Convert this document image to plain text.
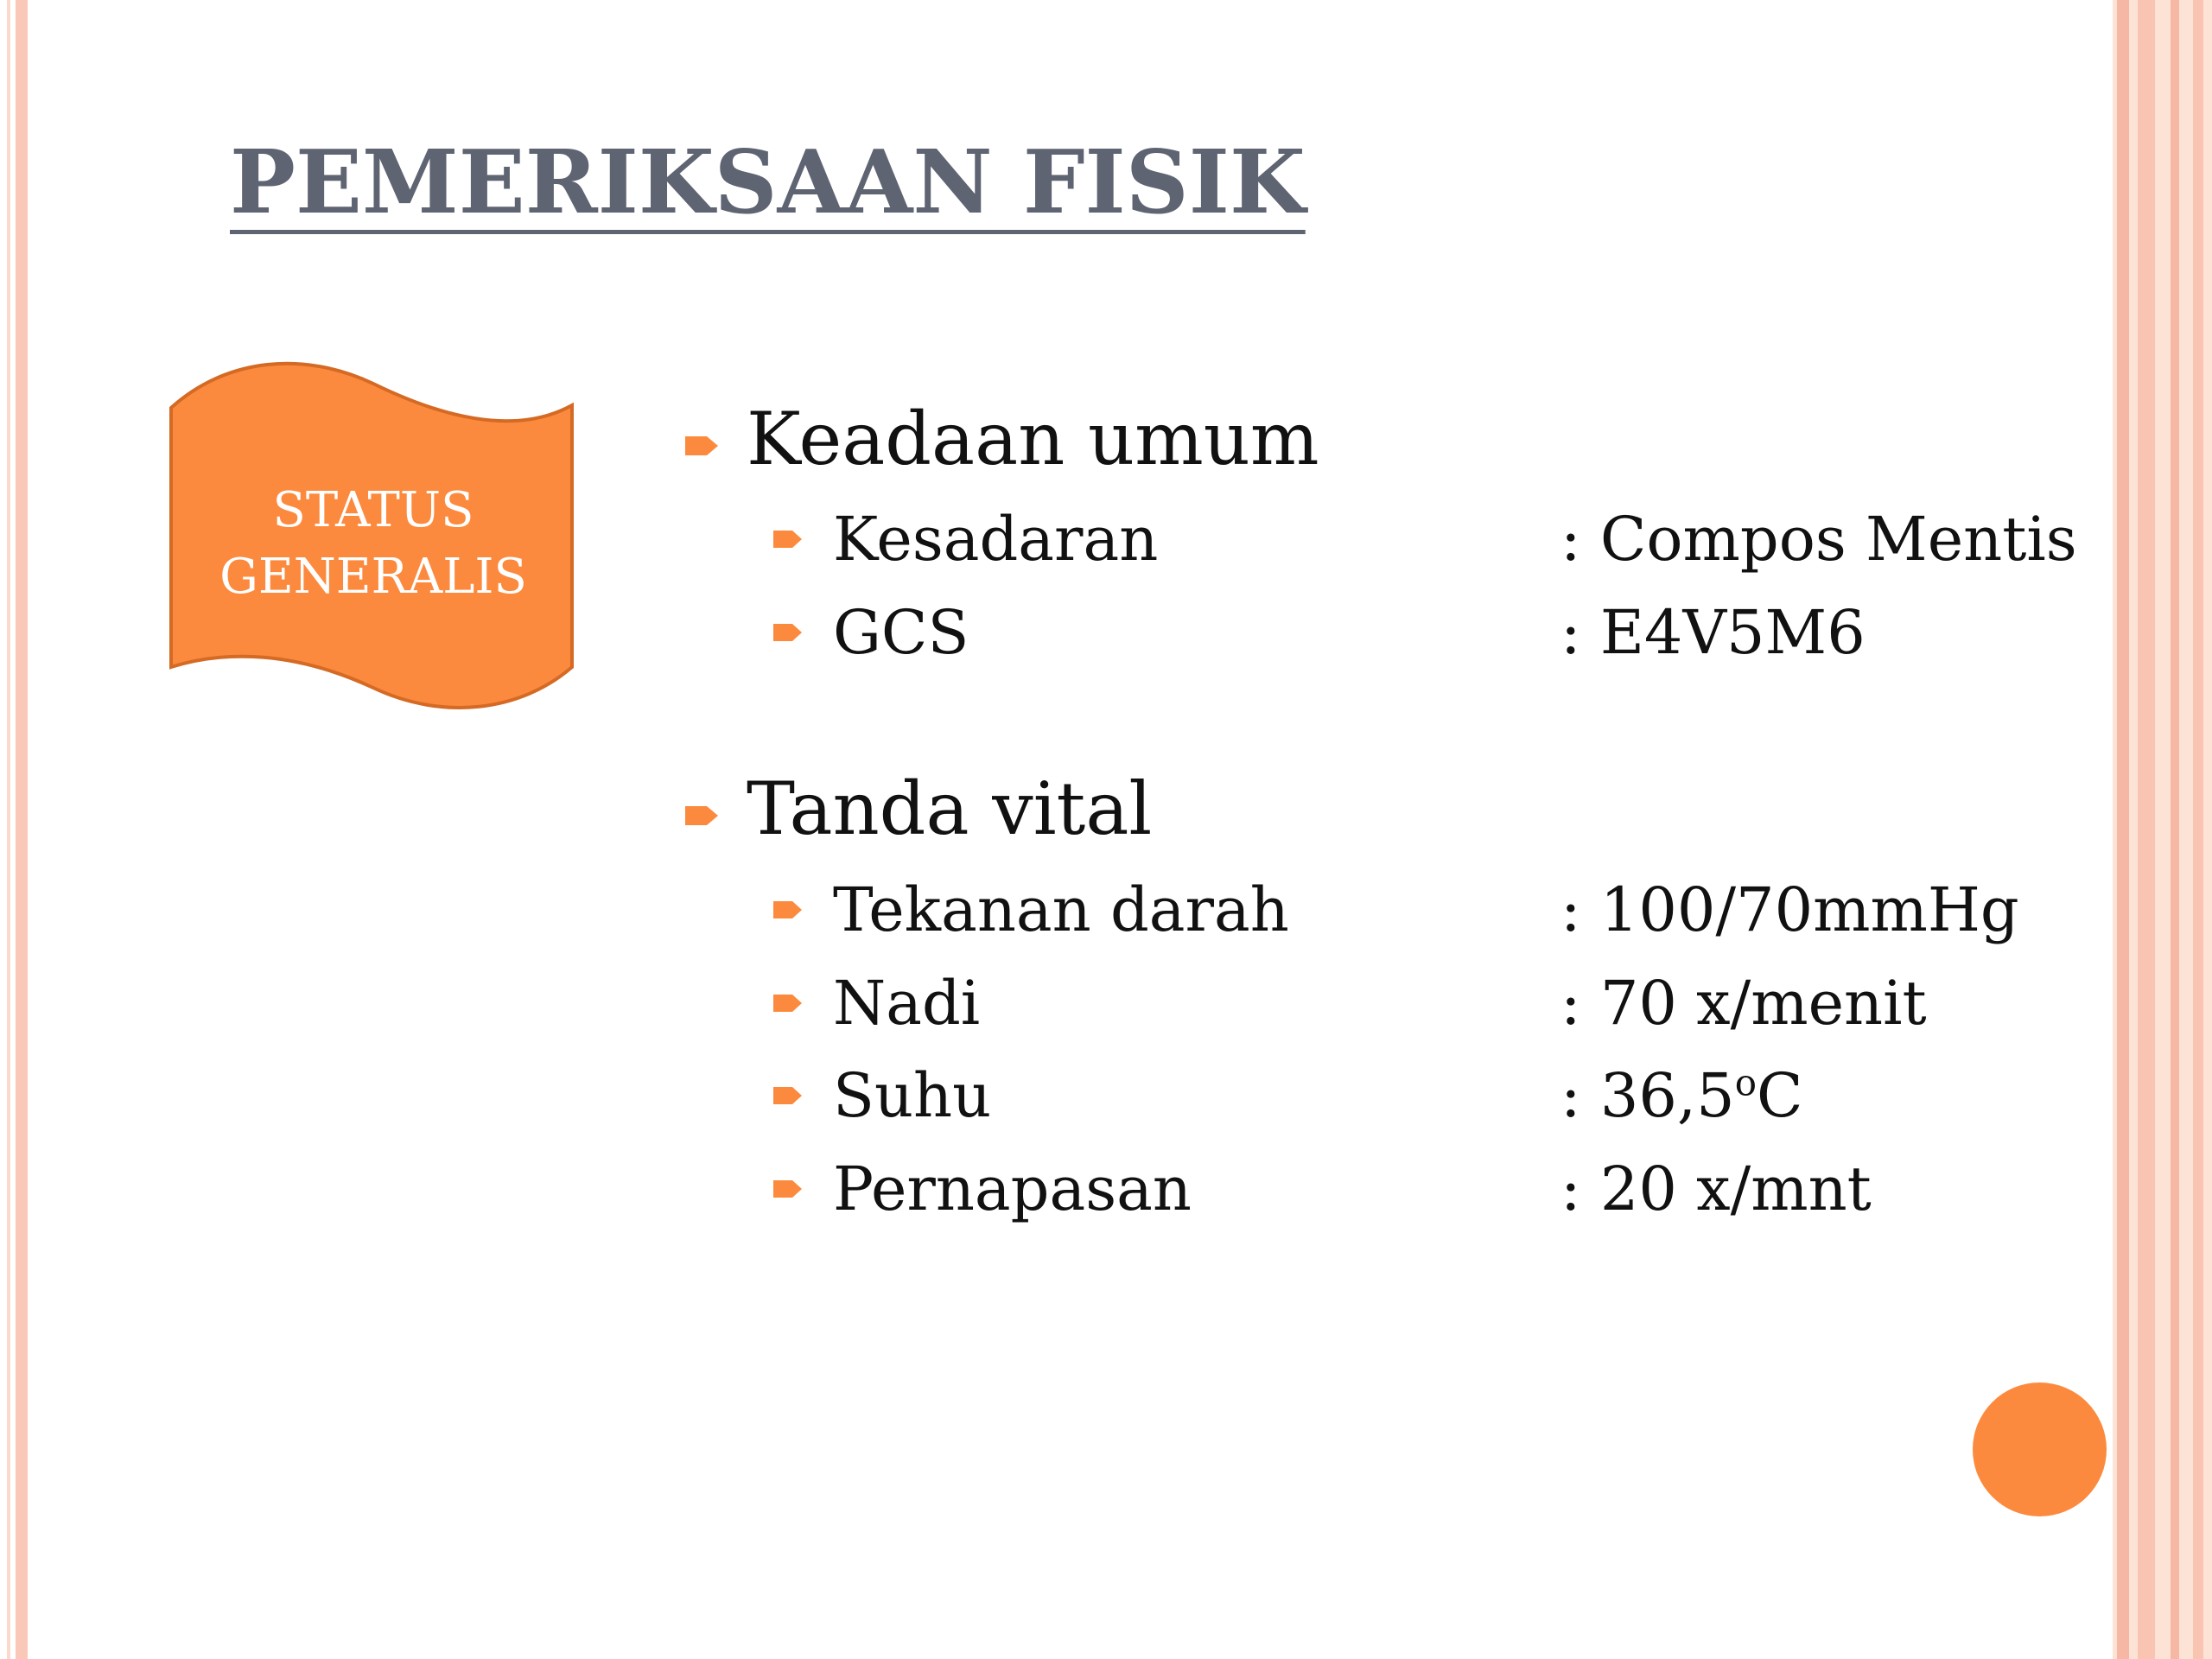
PEMERIKSAAN FISIK
STATUS
GENERALIS
Keadaan umum
Kesadaran	: Compos Mentis
GCS	: E4V5M6
Tanda vital
Tekanan darah	: 100/70mmHg
Nadi	: 70 x/menit
Suhu	: 36,5$^o$C
Pernapasan	: 20 x/mnt
